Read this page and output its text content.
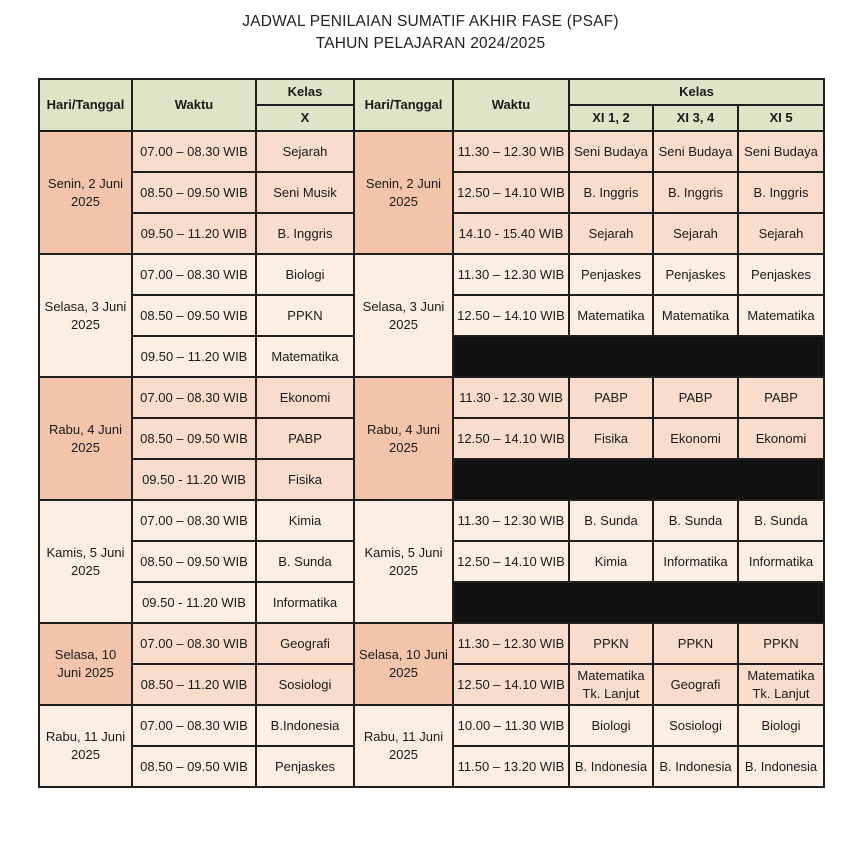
JADWAL PENILAIAN SUMATIF AKHIR FASE (PSAF)
TAHUN PELAJARAN 2024/2025
Hari/Tanggal	Waktu	Kelas	Hari/Tanggal	Waktu	Kelas		
		X			XI 1, 2	XI 3, 4	XI 5
Senin, 2 Juni 2025	07.00 – 08.30 WIB	Sejarah	Senin, 2 Juni 2025	11.30 – 12.30 WIB	Seni Budaya	Seni Budaya	Seni Budaya
	08.50 – 09.50 WIB	Seni Musik		12.50 – 14.10 WIB	B. Inggris	B. Inggris	B. Inggris
	09.50 – 11.20 WIB	B. Inggris		14.10 - 15.40 WIB	Sejarah	Sejarah	Sejarah
Selasa, 3 Juni 2025	07.00 – 08.30 WIB	Biologi	Selasa, 3 Juni 2025	11.30 – 12.30 WIB	Penjaskes	Penjaskes	Penjaskes
	08.50 – 09.50 WIB	PPKN		12.50 – 14.10 WIB	Matematika	Matematika	Matematika
	09.50 – 11.20 WIB	Matematika					
Rabu, 4 Juni 2025	07.00 – 08.30 WIB	Ekonomi	Rabu, 4 Juni 2025	11.30 - 12.30 WIB	PABP	PABP	PABP
	08.50 – 09.50 WIB	PABP		12.50 – 14.10 WIB	Fisika	Ekonomi	Ekonomi
	09.50 - 11.20 WIB	Fisika					
Kamis, 5 Juni 2025	07.00 – 08.30 WIB	Kimia	Kamis, 5 Juni 2025	11.30 – 12.30 WIB	B. Sunda	B. Sunda	B. Sunda
	08.50 – 09.50 WIB	B. Sunda		12.50 – 14.10 WIB	Kimia	Informatika	Informatika
	09.50 - 11.20 WIB	Informatika					
Selasa, 10 Juni 2025	07.00 – 08.30 WIB	Geografi	Selasa, 10 Juni 2025	11.30 – 12.30 WIB	PPKN	PPKN	PPKN
	08.50 – 11.20 WIB	Sosiologi		12.50 – 14.10 WIB	Matematika Tk. Lanjut	Geografi	Matematika Tk. Lanjut
Rabu, 11 Juni 2025	07.00 – 08.30 WIB	B.Indonesia	Rabu, 11 Juni 2025	10.00 – 11.30 WIB	Biologi	Sosiologi	Biologi
	08.50 – 09.50 WIB	Penjaskes		11.50 – 13.20 WIB	B. Indonesia	B. Indonesia	B. Indonesia
